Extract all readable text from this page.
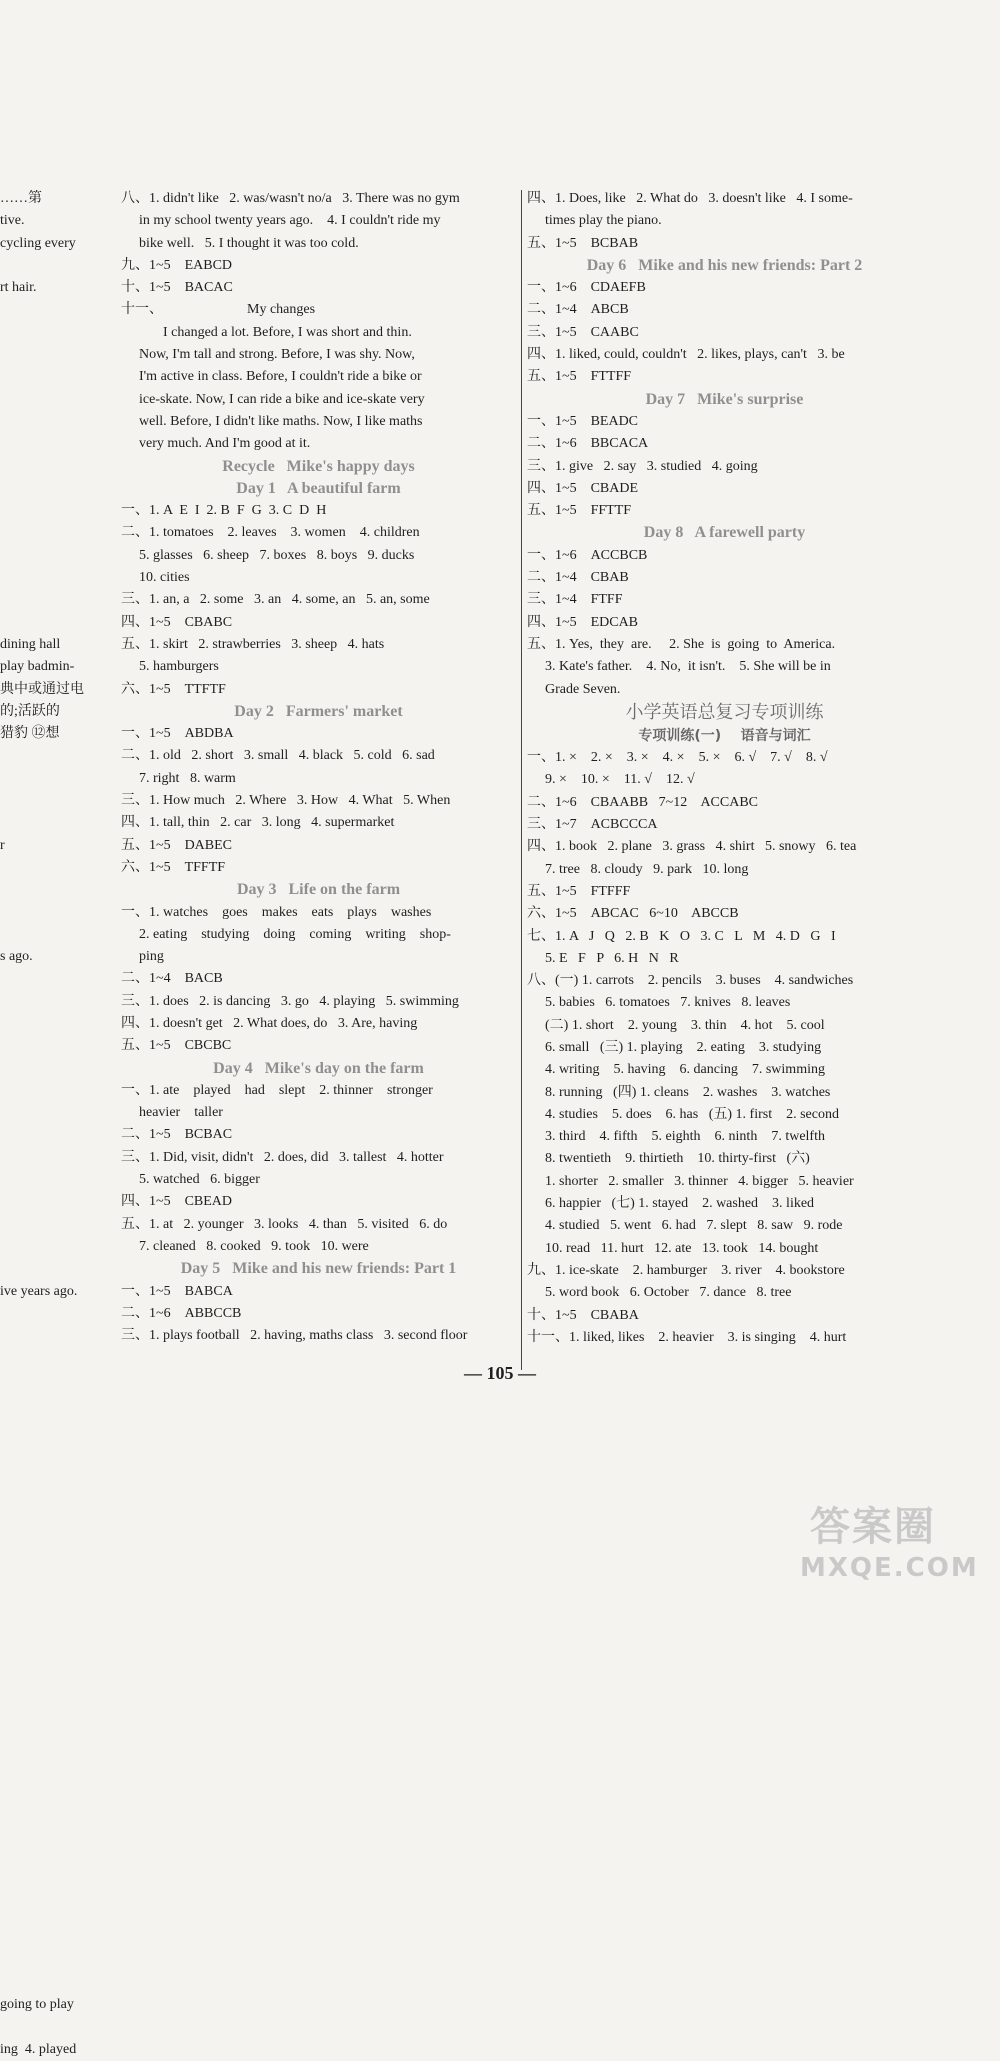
……第
tive.
cycling every
rt hair.
dining hall
play badmin-
典中或通过电
的;活跃的
猎豹 ⑫想
r
s ago.
ive years ago.
going to play
ing  4. played
八、1. didn't like   2. was/wasn't no/a   3. There was no gym
in my school twenty years ago.    4. I couldn't ride my
bike well.   5. I thought it was too cold.
九、1~5    EABCD
十、1~5    BACAC
十一、                        My changes
I changed a lot. Before, I was short and thin.
Now, I'm tall and strong. Before, I was shy. Now,
I'm active in class. Before, I couldn't ride a bike or
ice-skate. Now, I can ride a bike and ice-skate very
well. Before, I didn't like maths. Now, I like maths
very much. And I'm good at it.
Recycle   Mike's happy days
Day 1   A beautiful farm
一、1. A  E  I  2. B  F  G  3. C  D  H
二、1. tomatoes    2. leaves    3. women    4. children
5. glasses   6. sheep   7. boxes   8. boys   9. ducks
10. cities
三、1. an, a   2. some   3. an   4. some, an   5. an, some
四、1~5    CBABC
五、1. skirt   2. strawberries   3. sheep   4. hats
5. hamburgers
六、1~5    TTFTF
Day 2   Farmers' market
一、1~5    ABDBA
二、1. old   2. short   3. small   4. black   5. cold   6. sad
7. right   8. warm
三、1. How much   2. Where   3. How   4. What   5. When
四、1. tall, thin   2. car   3. long   4. supermarket
五、1~5    DABEC
六、1~5    TFFTF
Day 3   Life on the farm
一、1. watches    goes    makes    eats    plays    washes
2. eating    studying    doing    coming    writing    shop-
ping
二、1~4    BACB
三、1. does   2. is dancing   3. go   4. playing   5. swimming
四、1. doesn't get   2. What does, do   3. Are, having
五、1~5    CBCBC
Day 4   Mike's day on the farm
一、1. ate    played    had    slept    2. thinner    stronger
heavier    taller
二、1~5    BCBAC
三、1. Did, visit, didn't   2. does, did   3. tallest   4. hotter
5. watched   6. bigger
四、1~5    CBEAD
五、1. at   2. younger   3. looks   4. than   5. visited   6. do
7. cleaned   8. cooked   9. took   10. were
Day 5   Mike and his new friends: Part 1
一、1~5    BABCA
二、1~6    ABBCCB
三、1. plays football   2. having, maths class   3. second floor
四、1. Does, like   2. What do   3. doesn't like   4. I some-
times play the piano.
五、1~5    BCBAB
Day 6   Mike and his new friends: Part 2
一、1~6    CDAEFB
二、1~4    ABCB
三、1~5    CAABC
四、1. liked, could, couldn't   2. likes, plays, can't   3. be
五、1~5    FTTFF
Day 7   Mike's surprise
一、1~5    BEADC
二、1~6    BBCACA
三、1. give   2. say   3. studied   4. going
四、1~5    CBADE
五、1~5    FFTTF
Day 8   A farewell party
一、1~6    ACCBCB
二、1~4    CBAB
三、1~4    FTFF
四、1~5    EDCAB
五、1. Yes,  they  are.     2. She  is  going  to  America.
3. Kate's father.    4. No,  it isn't.    5. She will be in
Grade Seven.
小学英语总复习专项训练
专项训练(一)    语音与词汇
一、1. ×    2. ×    3. ×    4. ×    5. ×    6. √    7. √    8. √
9. ×    10. ×    11. √    12. √
二、1~6    CBAABB   7~12    ACCABC
三、1~7    ACBCCCA
四、1. book   2. plane   3. grass   4. shirt   5. snowy   6. tea
7. tree   8. cloudy   9. park   10. long
五、1~5    FTFFF
六、1~5    ABCAC   6~10    ABCCB
七、1. A   J   Q   2. B   K   O   3. C   L   M   4. D   G   I
5. E   F   P   6. H   N   R
八、(一) 1. carrots    2. pencils    3. buses    4. sandwiches
5. babies   6. tomatoes   7. knives   8. leaves
(二) 1. short    2. young    3. thin    4. hot    5. cool
6. small   (三) 1. playing    2. eating    3. studying
4. writing    5. having    6. dancing    7. swimming
8. running   (四) 1. cleans    2. washes    3. watches
4. studies    5. does    6. has   (五) 1. first    2. second
3. third    4. fifth    5. eighth    6. ninth    7. twelfth
8. twentieth    9. thirtieth    10. thirty-first   (六)
1. shorter   2. smaller   3. thinner   4. bigger   5. heavier
6. happier   (七) 1. stayed    2. washed    3. liked
4. studied   5. went   6. had   7. slept   8. saw   9. rode
10. read   11. hurt   12. ate   13. took   14. bought
九、1. ice-skate    2. hamburger    3. river    4. bookstore
5. word book   6. October   7. dance   8. tree
十、1~5    CBABA
十一、1. liked, likes    2. heavier    3. is singing    4. hurt
— 105 —
答案圈
MXQE.COM
